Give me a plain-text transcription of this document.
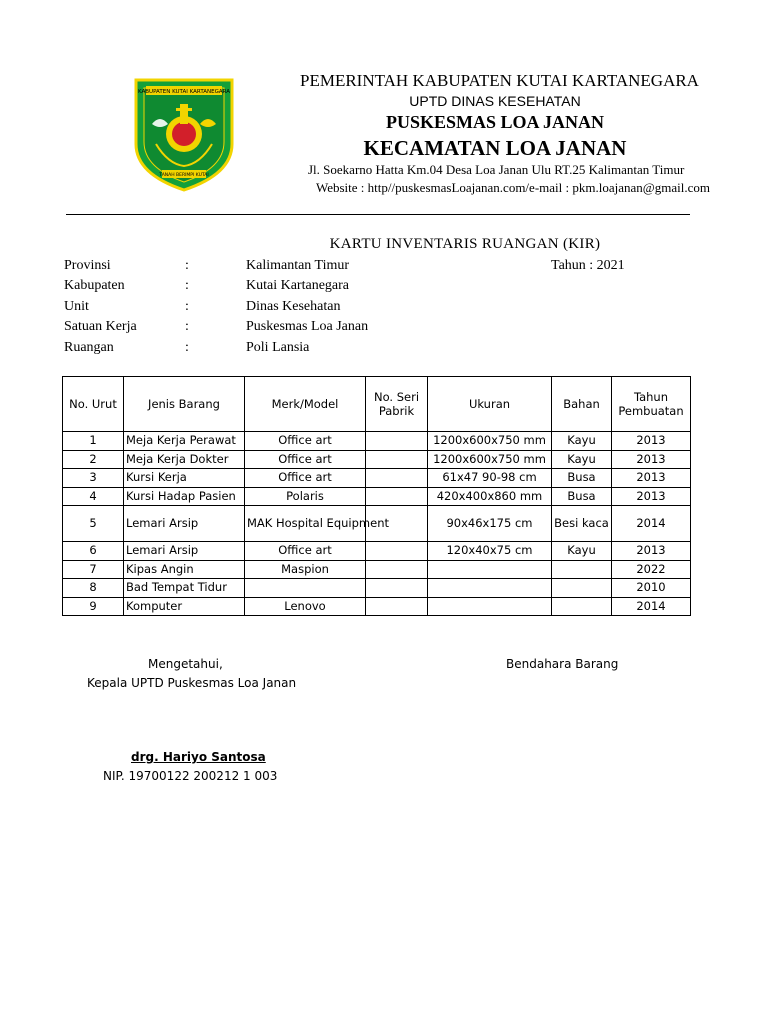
KABUPATEN KUTAI KARTANEGARA
TANAH BERIMPI KUTAI
PEMERINTAH KABUPATEN KUTAI KARTANEGARA
UPTD DINAS KESEHATAN
PUSKESMAS LOA JANAN
KECAMATAN LOA JANAN
Jl. Soekarno Hatta Km.04 Desa Loa Janan Ulu RT.25 Kalimantan Timur
Website : http//puskesmasLoajanan.com/e-mail : pkm.loajanan@gmail.com
KARTU INVENTARIS RUANGAN (KIR)
Tahun : 2021
Provinsi	:	Kalimantan Timur
Kabupaten	:	Kutai Kartanegara
Unit	:	Dinas Kesehatan
Satuan Kerja	:	Puskesmas Loa Janan
Ruangan	:	Poli Lansia
No. Urut	Jenis Barang	Merk/Model	No. Seri Pabrik	Ukuran	Bahan	Tahun Pembuatan
1	Meja Kerja Perawat	Office art		1200x600x750 mm	Kayu	2013
2	Meja Kerja Dokter	Office art		1200x600x750 mm	Kayu	2013
3	Kursi Kerja	Office art		61x47 90-98 cm	Busa	2013
4	Kursi Hadap Pasien	Polaris		420x400x860 mm	Busa	2013
5	Lemari Arsip	MAK Hospital Equipment		90x46x175 cm	Besi kaca	2014
6	Lemari Arsip	Office art		120x40x75 cm	Kayu	2013
7	Kipas Angin	Maspion				2022
8	Bad Tempat Tidur					2010
9	Komputer	Lenovo				2014
Mengetahui,
Kepala UPTD Puskesmas Loa Janan
Bendahara Barang
drg. Hariyo Santosa
NIP. 19700122 200212 1 003
